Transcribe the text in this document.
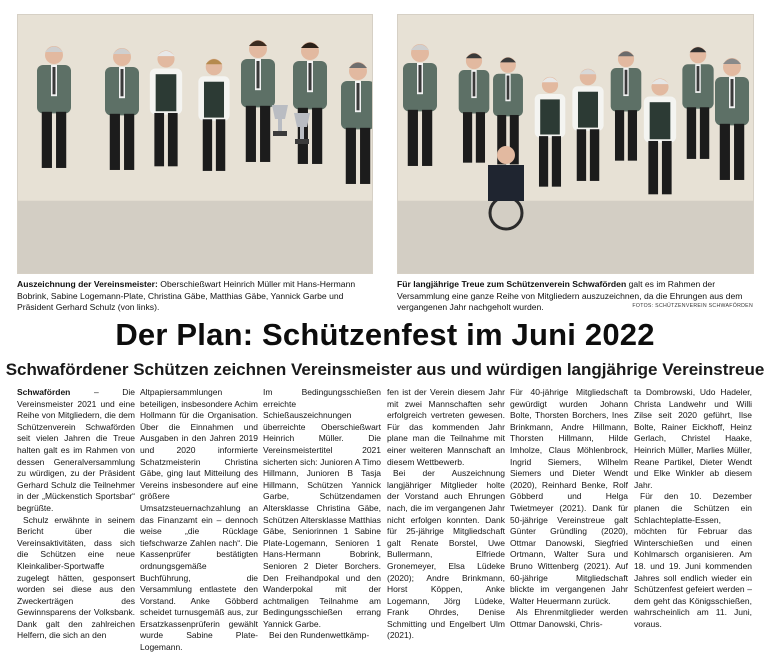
Auszeichnung der Vereinsmeister: Oberschießwart Heinrich Müller mit Hans-Hermann Bobrink, Sabine Logemann-Plate, Christina Gäbe, Matthias Gäbe, Yannick Garbe und Präsident Gerhard Schulz (von links).
Für langjährige Treue zum Schützenverein Schwaförden galt es im Rahmen der Versammlung eine ganze Reihe von Mitgliedern auszuzeichnen, da die Ehrungen aus dem vergangenen Jahr nachgeholt wurden.	FOTOS: SCHÜTZENVEREIN SCHWAFÖRDEN
Der Plan: Schützenfest im Juni 2022
Schwafördener Schützen zeichnen Vereinsmeister aus und würdigen langjährige Vereinstreue

Schwaförden – Die Vereinsmeister 2021 und eine Reihe von Mitgliedern, die dem Schützenverein Schwaförden seit vielen Jahren die Treue halten galt es im Rahmen von dessen Generalversammlung zu würdigen, zu der Präsident Gerhard Schulz die Teilnehmer in der „Mückenstich Sportsbar“ begrüßte.

Schulz erwähnte in seinem Bericht über die Vereinsaktivitäten, dass sich die Schützen eine neue Kleinkaliber-Sportwaffe zugelegt hätten, gesponsert worden sei diese aus den Zweckerträgen des Gewinnsparens der Volksbank. Dank galt den zahlreichen Helfern, die sich an den

Altpapiersammlungen beteiligen, insbesondere Achim Hollmann für die Organisation. Über die Einnahmen und Ausgaben in den Jahren 2019 und 2020 informierte Schatzmeisterin Christina Gäbe, ging laut Mitteilung des Vereins insbesondere auf eine größere Umsatzsteuernachzahlung an das Finanzamt ein – dennoch weise „die Rücklage tiefschwarze Zahlen nach“. Die Kassenprüfer bestätigten ordnungsgemäße Buchführung, die Versammlung entlastete den Vorstand. Anke Göbberd scheidet turnusgemäß aus, zur Ersatzkassenprüferin gewählt wurde Sabine Plate-Logemann.

Im Bedingungsschießen erreichte Schießauszeichnungen überreichte Oberschießwart Heinrich Müller. Die Vereinsmeistertitel 2021 sicherten sich: Junioren A Timo Hillmann, Junioren B Tasja Hillmann, Schützen Yannick Garbe, Schützendamen Altersklasse Christina Gäbe, Schützen Altersklasse Matthias Gäbe, Seniorinnen 1 Sabine Plate-Logemann, Senioren 1 Hans-Hermann Bobrink, Senioren 2 Dieter Borchers. Den Freihandpokal und den Wanderpokal mit der achtmaligen Teilnahme am Bedingungsschießen errang Yannick Garbe.

Bei den Rundenwettkämp-

fen ist der Verein diesem Jahr mit zwei Mannschaften sehr erfolgreich vertreten gewesen. Für das kommenden Jahr plane man die Teilnahme mit einer weiteren Mannschaft an diesem Wettbewerb.

Bei der Auszeichnung langjähriger Mitglieder holte der Vorstand auch Ehrungen nach, die im vergangenen Jahr nicht erfolgen konnten. Dank für 25-jährige Mitgliedschaft galt Renate Borstel, Uwe Bullermann, Elfriede Gronemeyer, Elsa Lüdeke (2020); Andre Brinkmann, Horst Köppen, Anke Logemann, Jörg Lüdeke, Frank Ohrdes, Denise Schmitting und Engelbert Ulm (2021).

Für 40-jährige Mitgliedschaft gewürdigt wurden Johann Bolte, Thorsten Borchers, Ines Brinkmann, Andre Hillmann, Thorsten Hillmann, Hilde Imholze, Claus Möhlenbrock, Ingrid Siemers, Wilhelm Siemers und Dieter Wendt (2020), Reinhard Benke, Rolf Göbberd und Helga Twietmeyer (2021). Dank für 50-jährige Vereinstreue galt Günter Gründling (2020), Ottmar Danowski, Siegfried Ortmann, Walter Sura und Bruno Wittenberg (2021). Auf 60-jährige Mitgliedschaft blickte im vergangenen Jahr Walter Heuermann zurück.

Als Ehrenmitglieder werden Ottmar Danowski, Chris-

ta Dombrowski, Udo Hadeler, Christa Landwehr und Willi Zilse seit 2020 geführt, Ilse Bolte, Rainer Eickhoff, Heinz Gerlach, Christel Haake, Heinrich Müller, Marlies Müller, Reane Partikel, Dieter Wendt und Elke Winkler ab diesem Jahr.

Für den 10. Dezember planen die Schützen ein Schlachteplatte-Essen, möchten für Februar das Winterschießen und einen Kohlmarsch organisieren. Am 18. und 19. Juni kommenden Jahres soll endlich wieder ein Schützenfest gefeiert werden – dem geht das Königsschießen, wahrscheinlich am 11. Juni, voraus.
